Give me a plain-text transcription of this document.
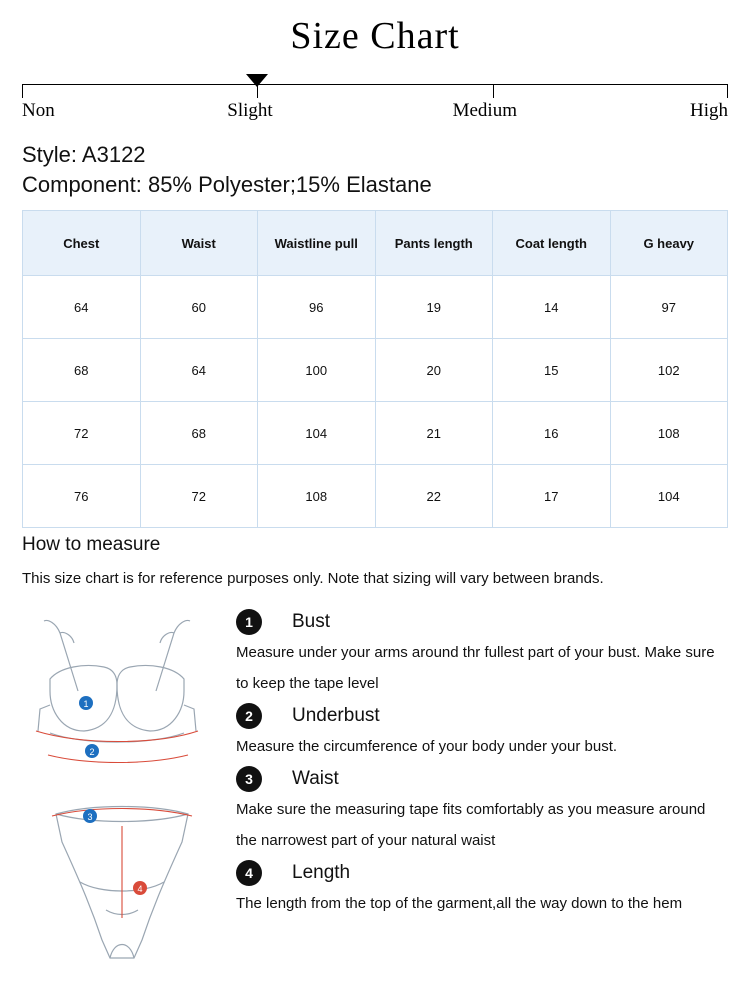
Size Chart
Non	Slight	Medium	High
Style: A3122
Component: 85% Polyester;15% Elastane
Chest	Waist	Waistline pull	Pants length	Coat length	G heavy
64	60	96	19	14	97
68	64	100	20	15	102
72	68	104	21	16	108
76	72	108	22	17	104
How to measure
This size chart is for reference purposes only. Note that sizing will vary between brands.
1
2

3
4
1	Bust
Measure under your arms around thr fullest part of your bust. Make sure to keep the tape level
2	Underbust
Measure the circumference of your body under your bust.
3	Waist
Make sure the measuring tape fits comfortably as you measure around the narrowest part of your natural waist
4	Length
The length from the top of the garment,all the way down to the hem
